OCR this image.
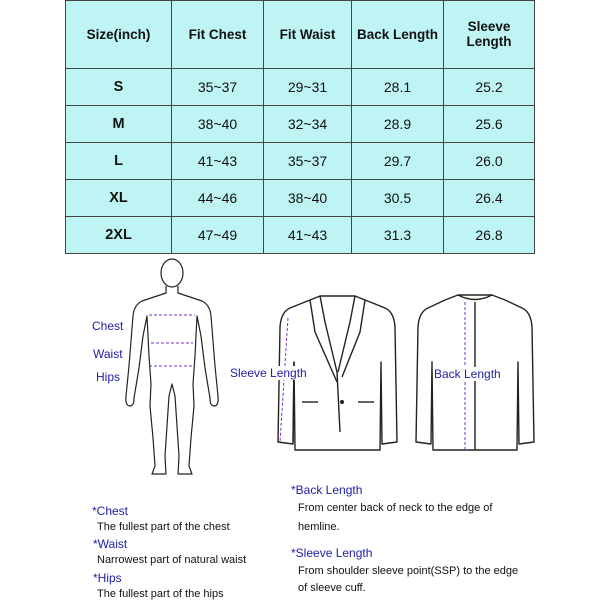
Size(inch)	Fit Chest	Fit Waist	Back Length	Sleeve Length
S	35~37	29~31	28.1	25.2
M	38~40	32~34	28.9	25.6
L	41~43	35~37	29.7	26.0
XL	44~46	38~40	30.5	26.4
2XL	47~49	41~43	31.3	26.8
Chest
Waist
Hips	Sleeve Length	Back Length
*Chest
The fullest part of the chest
*Waist
Narrowest part of natural waist
*Hips
The fullest part of the hips
*Back Length
From center back of neck to the edge of
hemline.
*Sleeve Length
From shoulder sleeve point(SSP) to the edge
of sleeve cuff.
